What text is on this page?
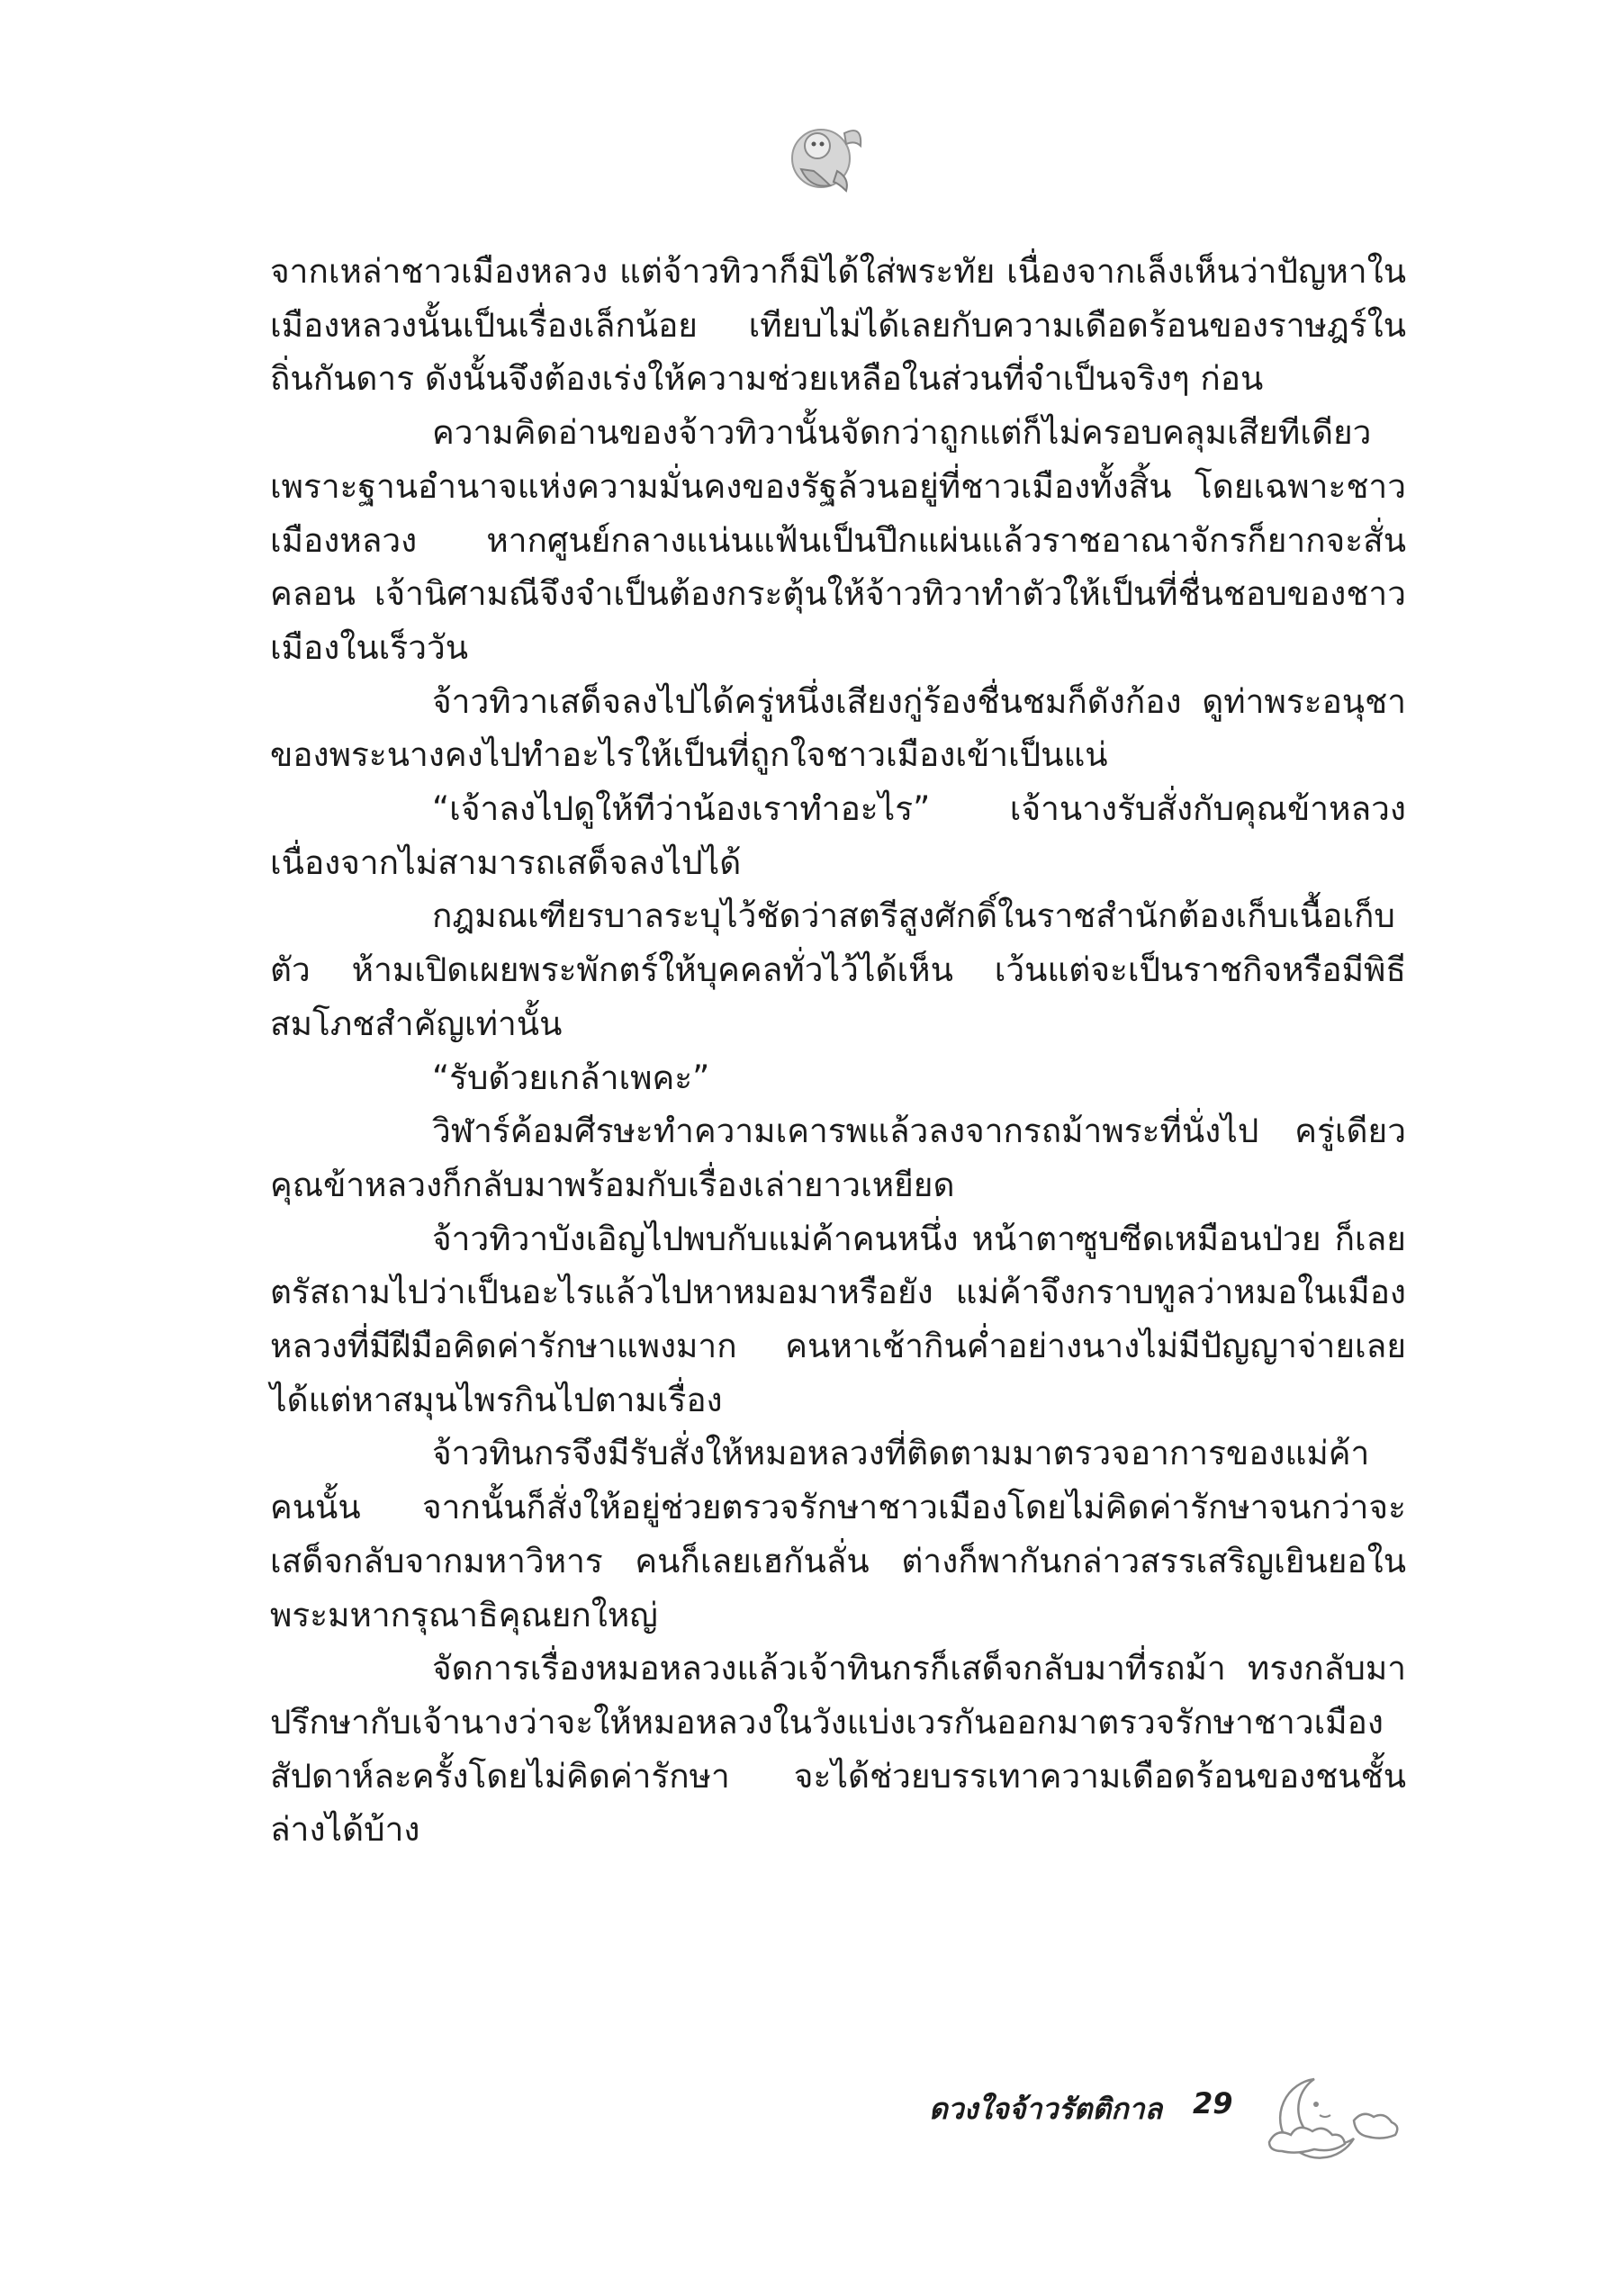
จากเหล่าชาวเมืองหลวง แต่จ้าวทิวาก็มิได้ใส่พระทัย เนื่องจากเล็งเห็นว่าปัญหาในเมืองหลวงนั้นเป็นเรื่องเล็กน้อย เทียบไม่ได้เลยกับความเดือดร้อนของราษฎร์ในถิ่นกันดาร ดังนั้นจึงต้องเร่งให้ความช่วยเหลือในส่วนที่จำเป็นจริงๆ ก่อน

ความคิดอ่านของจ้าวทิวานั้นจัดกว่าถูกแต่ก็ไม่ครอบคลุมเสียทีเดียว เพราะฐานอำนาจแห่งความมั่นคงของรัฐล้วนอยู่ที่ชาวเมืองทั้งสิ้น โดยเฉพาะชาวเมืองหลวง หากศูนย์กลางแน่นแฟ้นเป็นปึกแผ่นแล้วราชอาณาจักรก็ยากจะสั่นคลอน เจ้านิศามณีจึงจำเป็นต้องกระตุ้นให้จ้าวทิวาทำตัวให้เป็นที่ชื่นชอบของชาวเมืองในเร็ววัน

จ้าวทิวาเสด็จลงไปได้ครู่หนึ่งเสียงกู่ร้องชื่นชมก็ดังก้อง ดูท่าพระอนุชาของพระนางคงไปทำอะไรให้เป็นที่ถูกใจชาวเมืองเข้าเป็นแน่

“เจ้าลงไปดูให้ทีว่าน้องเราทำอะไร” เจ้านางรับสั่งกับคุณข้าหลวงเนื่องจากไม่สามารถเสด็จลงไปได้

กฎมณเฑียรบาลระบุไว้ชัดว่าสตรีสูงศักดิ์ในราชสำนักต้องเก็บเนื้อเก็บตัว ห้ามเปิดเผยพระพักตร์ให้บุคคลทั่วไว้ได้เห็น เว้นแต่จะเป็นราชกิจหรือมีพิธีสมโภชสำคัญเท่านั้น

“รับด้วยเกล้าเพคะ”

วิฬาร์ค้อมศีรษะทำความเคารพแล้วลงจากรถม้าพระที่นั่งไป ครู่เดียวคุณข้าหลวงก็กลับมาพร้อมกับเรื่องเล่ายาวเหยียด

จ้าวทิวาบังเอิญไปพบกับแม่ค้าคนหนึ่ง หน้าตาซูบซีดเหมือนป่วย ก็เลยตรัสถามไปว่าเป็นอะไรแล้วไปหาหมอมาหรือยัง แม่ค้าจึงกราบทูลว่าหมอในเมืองหลวงที่มีฝีมือคิดค่ารักษาแพงมาก คนหาเช้ากินค่ำอย่างนางไม่มีปัญญาจ่ายเลยได้แต่หาสมุนไพรกินไปตามเรื่อง

จ้าวทินกรจึงมีรับสั่งให้หมอหลวงที่ติดตามมาตรวจอาการของแม่ค้าคนนั้น จากนั้นก็สั่งให้อยู่ช่วยตรวจรักษาชาวเมืองโดยไม่คิดค่ารักษาจนกว่าจะเสด็จกลับจากมหาวิหาร คนก็เลยเฮกันลั่น ต่างก็พากันกล่าวสรรเสริญเยินยอในพระมหากรุณาธิคุณยกใหญ่

จัดการเรื่องหมอหลวงแล้วเจ้าทินกรก็เสด็จกลับมาที่รถม้า ทรงกลับมาปรึกษากับเจ้านางว่าจะให้หมอหลวงในวังแบ่งเวรกันออกมาตรวจรักษาชาวเมืองสัปดาห์ละครั้งโดยไม่คิดค่ารักษา จะได้ช่วยบรรเทาความเดือดร้อนของชนชั้นล่างได้บ้าง

ดวงใจจ้าวรัตติกาล 29
